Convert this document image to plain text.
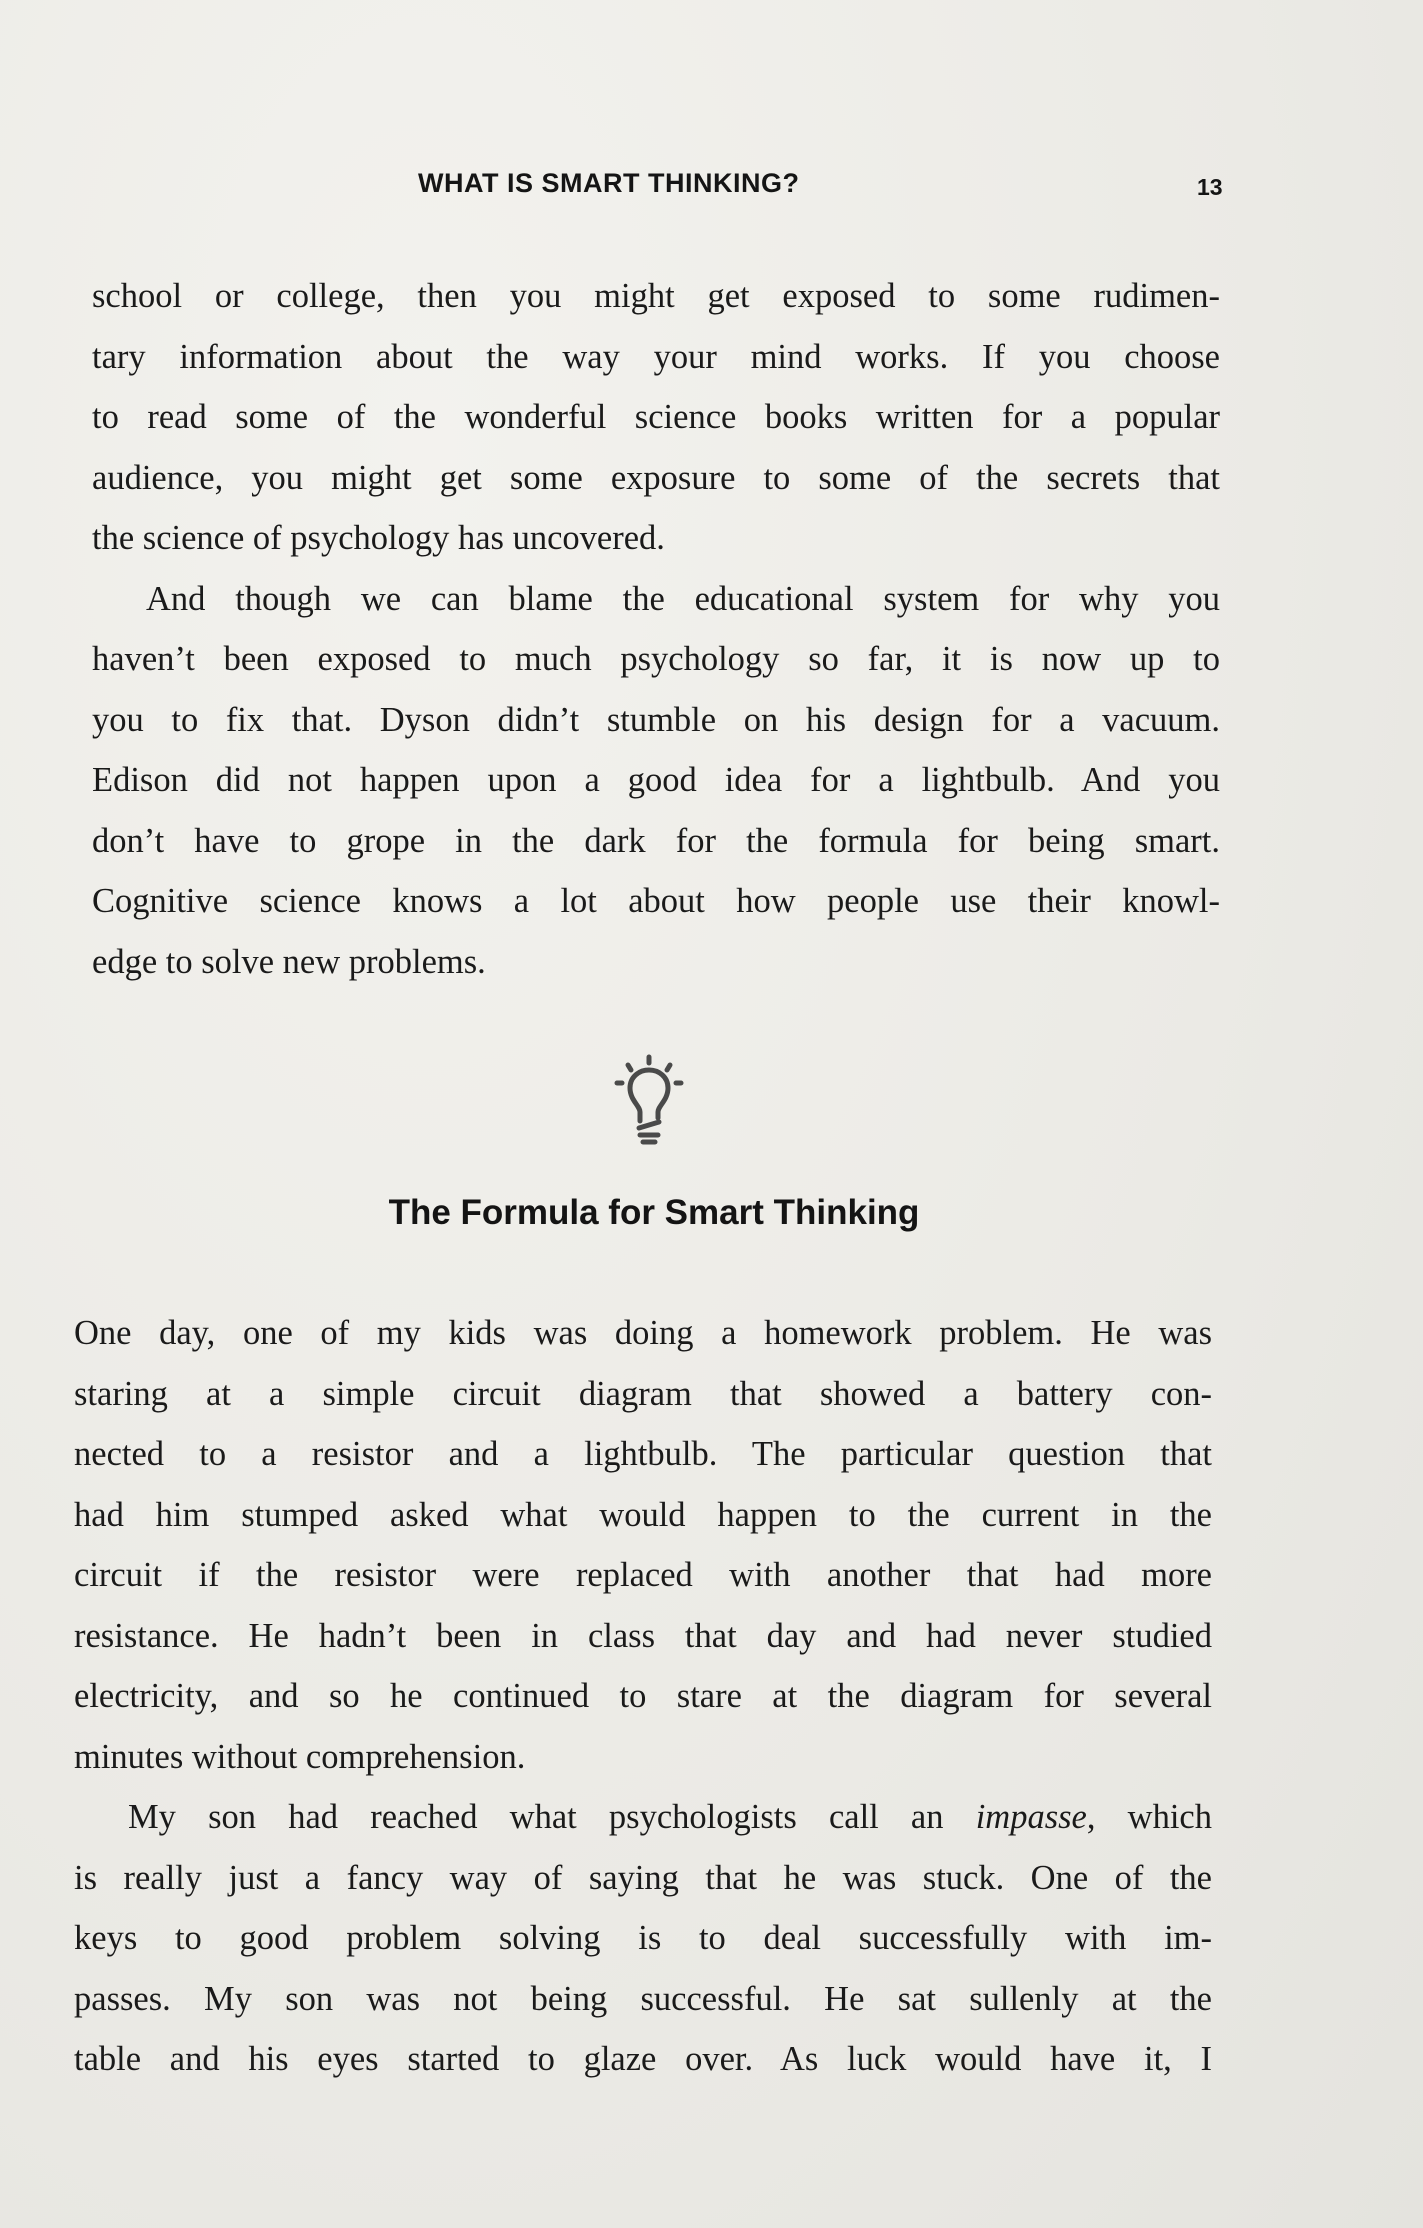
WHAT IS SMART THINKING?	13

school or college, then you might get exposed to some rudimen-
tary information about the way your mind works. If you choose
to read some of the wonderful science books written for a popular
audience, you might get some exposure to some of the secrets that
the science of psychology has uncovered.

And though we can blame the educational system for why you
haven’t been exposed to much psychology so far, it is now up to
you to fix that. Dyson didn’t stumble on his design for a vacuum.
Edison did not happen upon a good idea for a lightbulb. And you
don’t have to grope in the dark for the formula for being smart.
Cognitive science knows a lot about how people use their knowl-
edge to solve new problems.

The Formula for Smart Thinking

One day, one of my kids was doing a homework problem. He was
staring at a simple circuit diagram that showed a battery con-
nected to a resistor and a lightbulb. The particular question that
had him stumped asked what would happen to the current in the
circuit if the resistor were replaced with another that had more
resistance. He hadn’t been in class that day and had never studied
electricity, and so he continued to stare at the diagram for several
minutes without comprehension.

My son had reached what psychologists call an impasse, which
is really just a fancy way of saying that he was stuck. One of the
keys to good problem solving is to deal successfully with im-
passes. My son was not being successful. He sat sullenly at the
table and his eyes started to glaze over. As luck would have it, I
